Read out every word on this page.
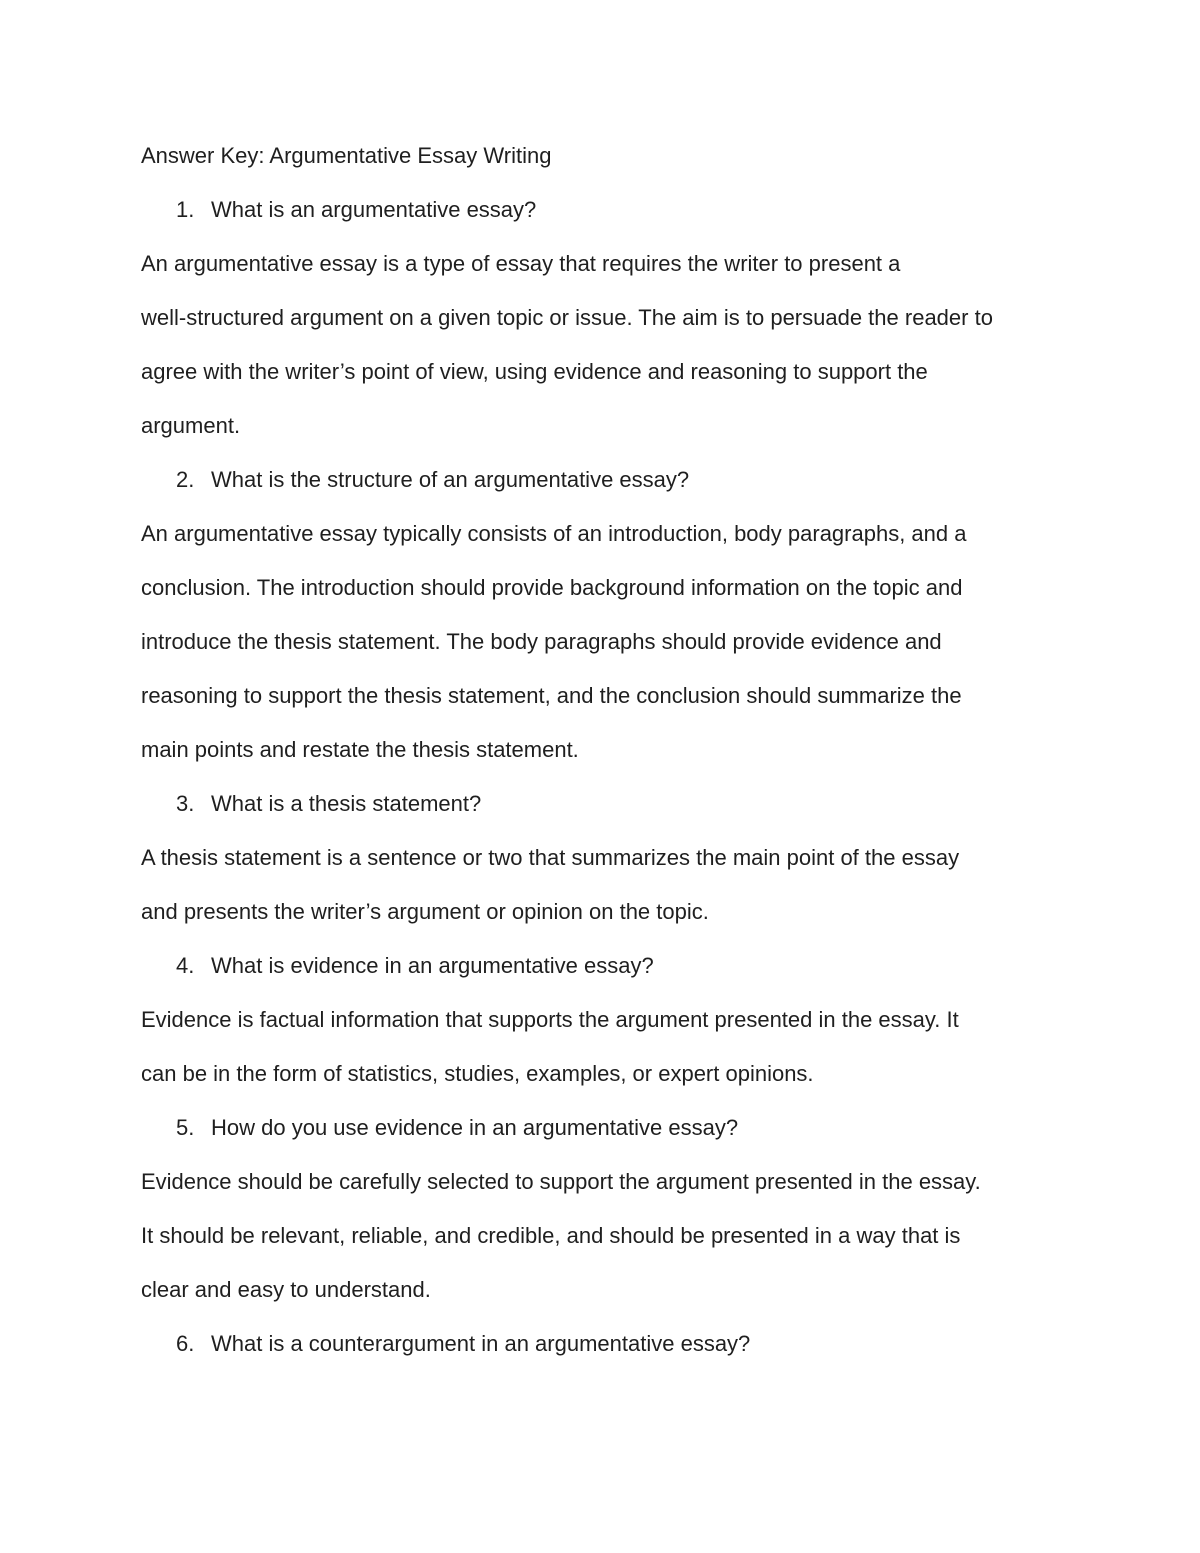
Answer Key: Argumentative Essay Writing

1. What is an argumentative essay?

An argumentative essay is a type of essay that requires the writer to present a
well-structured argument on a given topic or issue. The aim is to persuade the reader to
agree with the writer’s point of view, using evidence and reasoning to support the
argument.

2. What is the structure of an argumentative essay?

An argumentative essay typically consists of an introduction, body paragraphs, and a
conclusion. The introduction should provide background information on the topic and
introduce the thesis statement. The body paragraphs should provide evidence and
reasoning to support the thesis statement, and the conclusion should summarize the
main points and restate the thesis statement.

3. What is a thesis statement?

A thesis statement is a sentence or two that summarizes the main point of the essay
and presents the writer’s argument or opinion on the topic.

4. What is evidence in an argumentative essay?

Evidence is factual information that supports the argument presented in the essay. It
can be in the form of statistics, studies, examples, or expert opinions.

5. How do you use evidence in an argumentative essay?

Evidence should be carefully selected to support the argument presented in the essay.
It should be relevant, reliable, and credible, and should be presented in a way that is
clear and easy to understand.

6. What is a counterargument in an argumentative essay?
